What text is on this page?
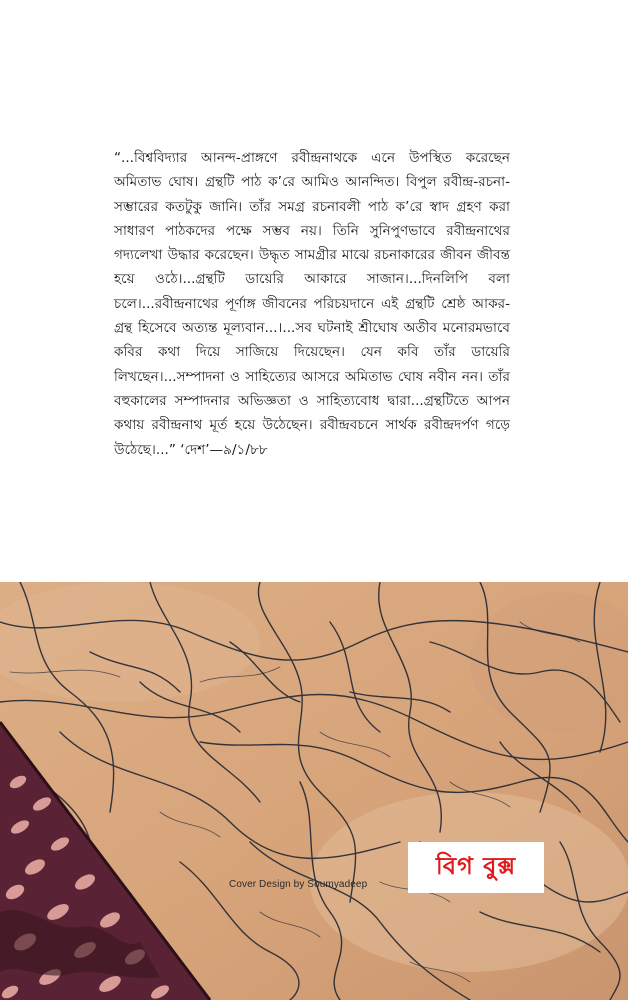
“...বিশ্ববিদ্যার আনন্দ-প্রাঙ্গণে রবীন্দ্রনাথকে এনে উপস্থিত করেছেন অমিতাভ ঘোষ। গ্রন্থটি পাঠ ক’রে আমিও আনন্দিত। বিপুল রবীন্দ্র-রচনা-সম্ভারের কতটুকু জানি। তাঁর সমগ্র রচনাবলী পাঠ ক’রে স্বাদ গ্রহণ করা সাধারণ পাঠকদের পক্ষে সম্ভব নয়। তিনি সুনিপুণভাবে রবীন্দ্রনাথের গদ্যলেখা উদ্ধার করেছেন। উদ্ধৃত সামগ্রীর মাঝে রচনাকারের জীবন জীবন্ত হয়ে ওঠে।...গ্রন্থটি ডায়েরি আকারে সাজান।...দিনলিপি বলা চলে।...রবীন্দ্রনাথের পূর্ণাঙ্গ জীবনের পরিচয়দানে এই গ্রন্থটি শ্রেষ্ঠ আকর-গ্রন্থ হিসেবে অত্যন্ত মূল্যবান...।...সব ঘটনাই শ্রীঘোষ অতীব মনোরমভাবে কবির কথা দিয়ে সাজিয়ে দিয়েছেন। যেন কবি তাঁর ডায়েরি লিখছেন।...সম্পাদনা ও সাহিত্যের আসরে অমিতাভ ঘোষ নবীন নন। তাঁর বহুকালের সম্পাদনার অভিজ্ঞতা ও সাহিত্যবোধ দ্বারা...গ্রন্থটিতে আপন কথায় রবীন্দ্রনাথ মূর্ত হয়ে উঠেছেন। রবীন্দ্রবচনে সার্থক রবীন্দ্রদর্পণ গড়ে উঠেছে।...” ‘দেশ’—৯/১/৮৮

Cover Design by Soumyadeep
বিগ বুক্স
